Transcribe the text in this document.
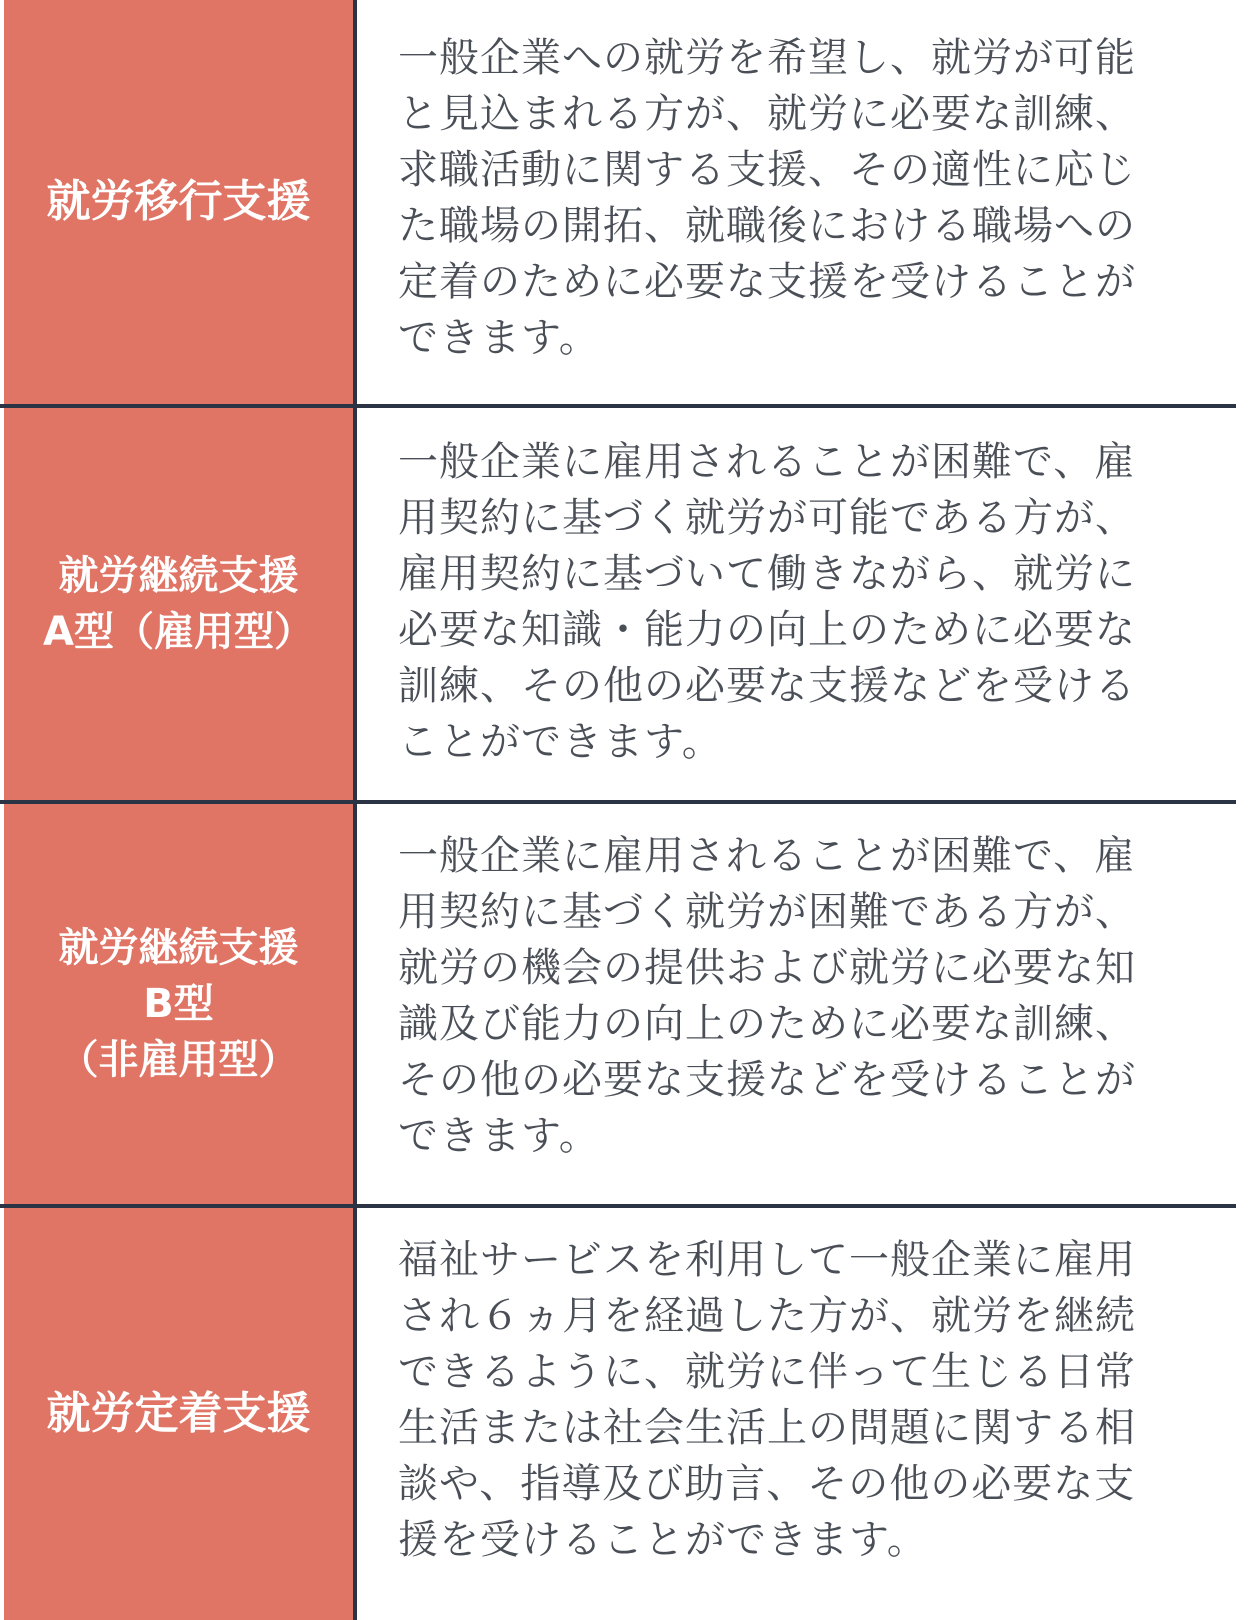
就労移行支援
一般企業への就労を希望し、就労が可能
と見込まれる方が、就労に必要な訓練、
求職活動に関する支援、その適性に応じ
た職場の開拓、就職後における職場への
定着のために必要な支援を受けることが
できます。
就労継続支援
A型（雇用型）
一般企業に雇用されることが困難で、雇
用契約に基づく就労が可能である方が、
雇用契約に基づいて働きながら、就労に
必要な知識・能力の向上のために必要な
訓練、その他の必要な支援などを受ける
ことができます。
就労継続支援
B型
（非雇用型）
一般企業に雇用されることが困難で、雇
用契約に基づく就労が困難である方が、
就労の機会の提供および就労に必要な知
識及び能力の向上のために必要な訓練、
その他の必要な支援などを受けることが
できます。
就労定着支援
福祉サービスを利用して一般企業に雇用
され６ヵ月を経過した方が、就労を継続
できるように、就労に伴って生じる日常
生活または社会生活上の問題に関する相
談や、指導及び助言、その他の必要な支
援を受けることができます。
